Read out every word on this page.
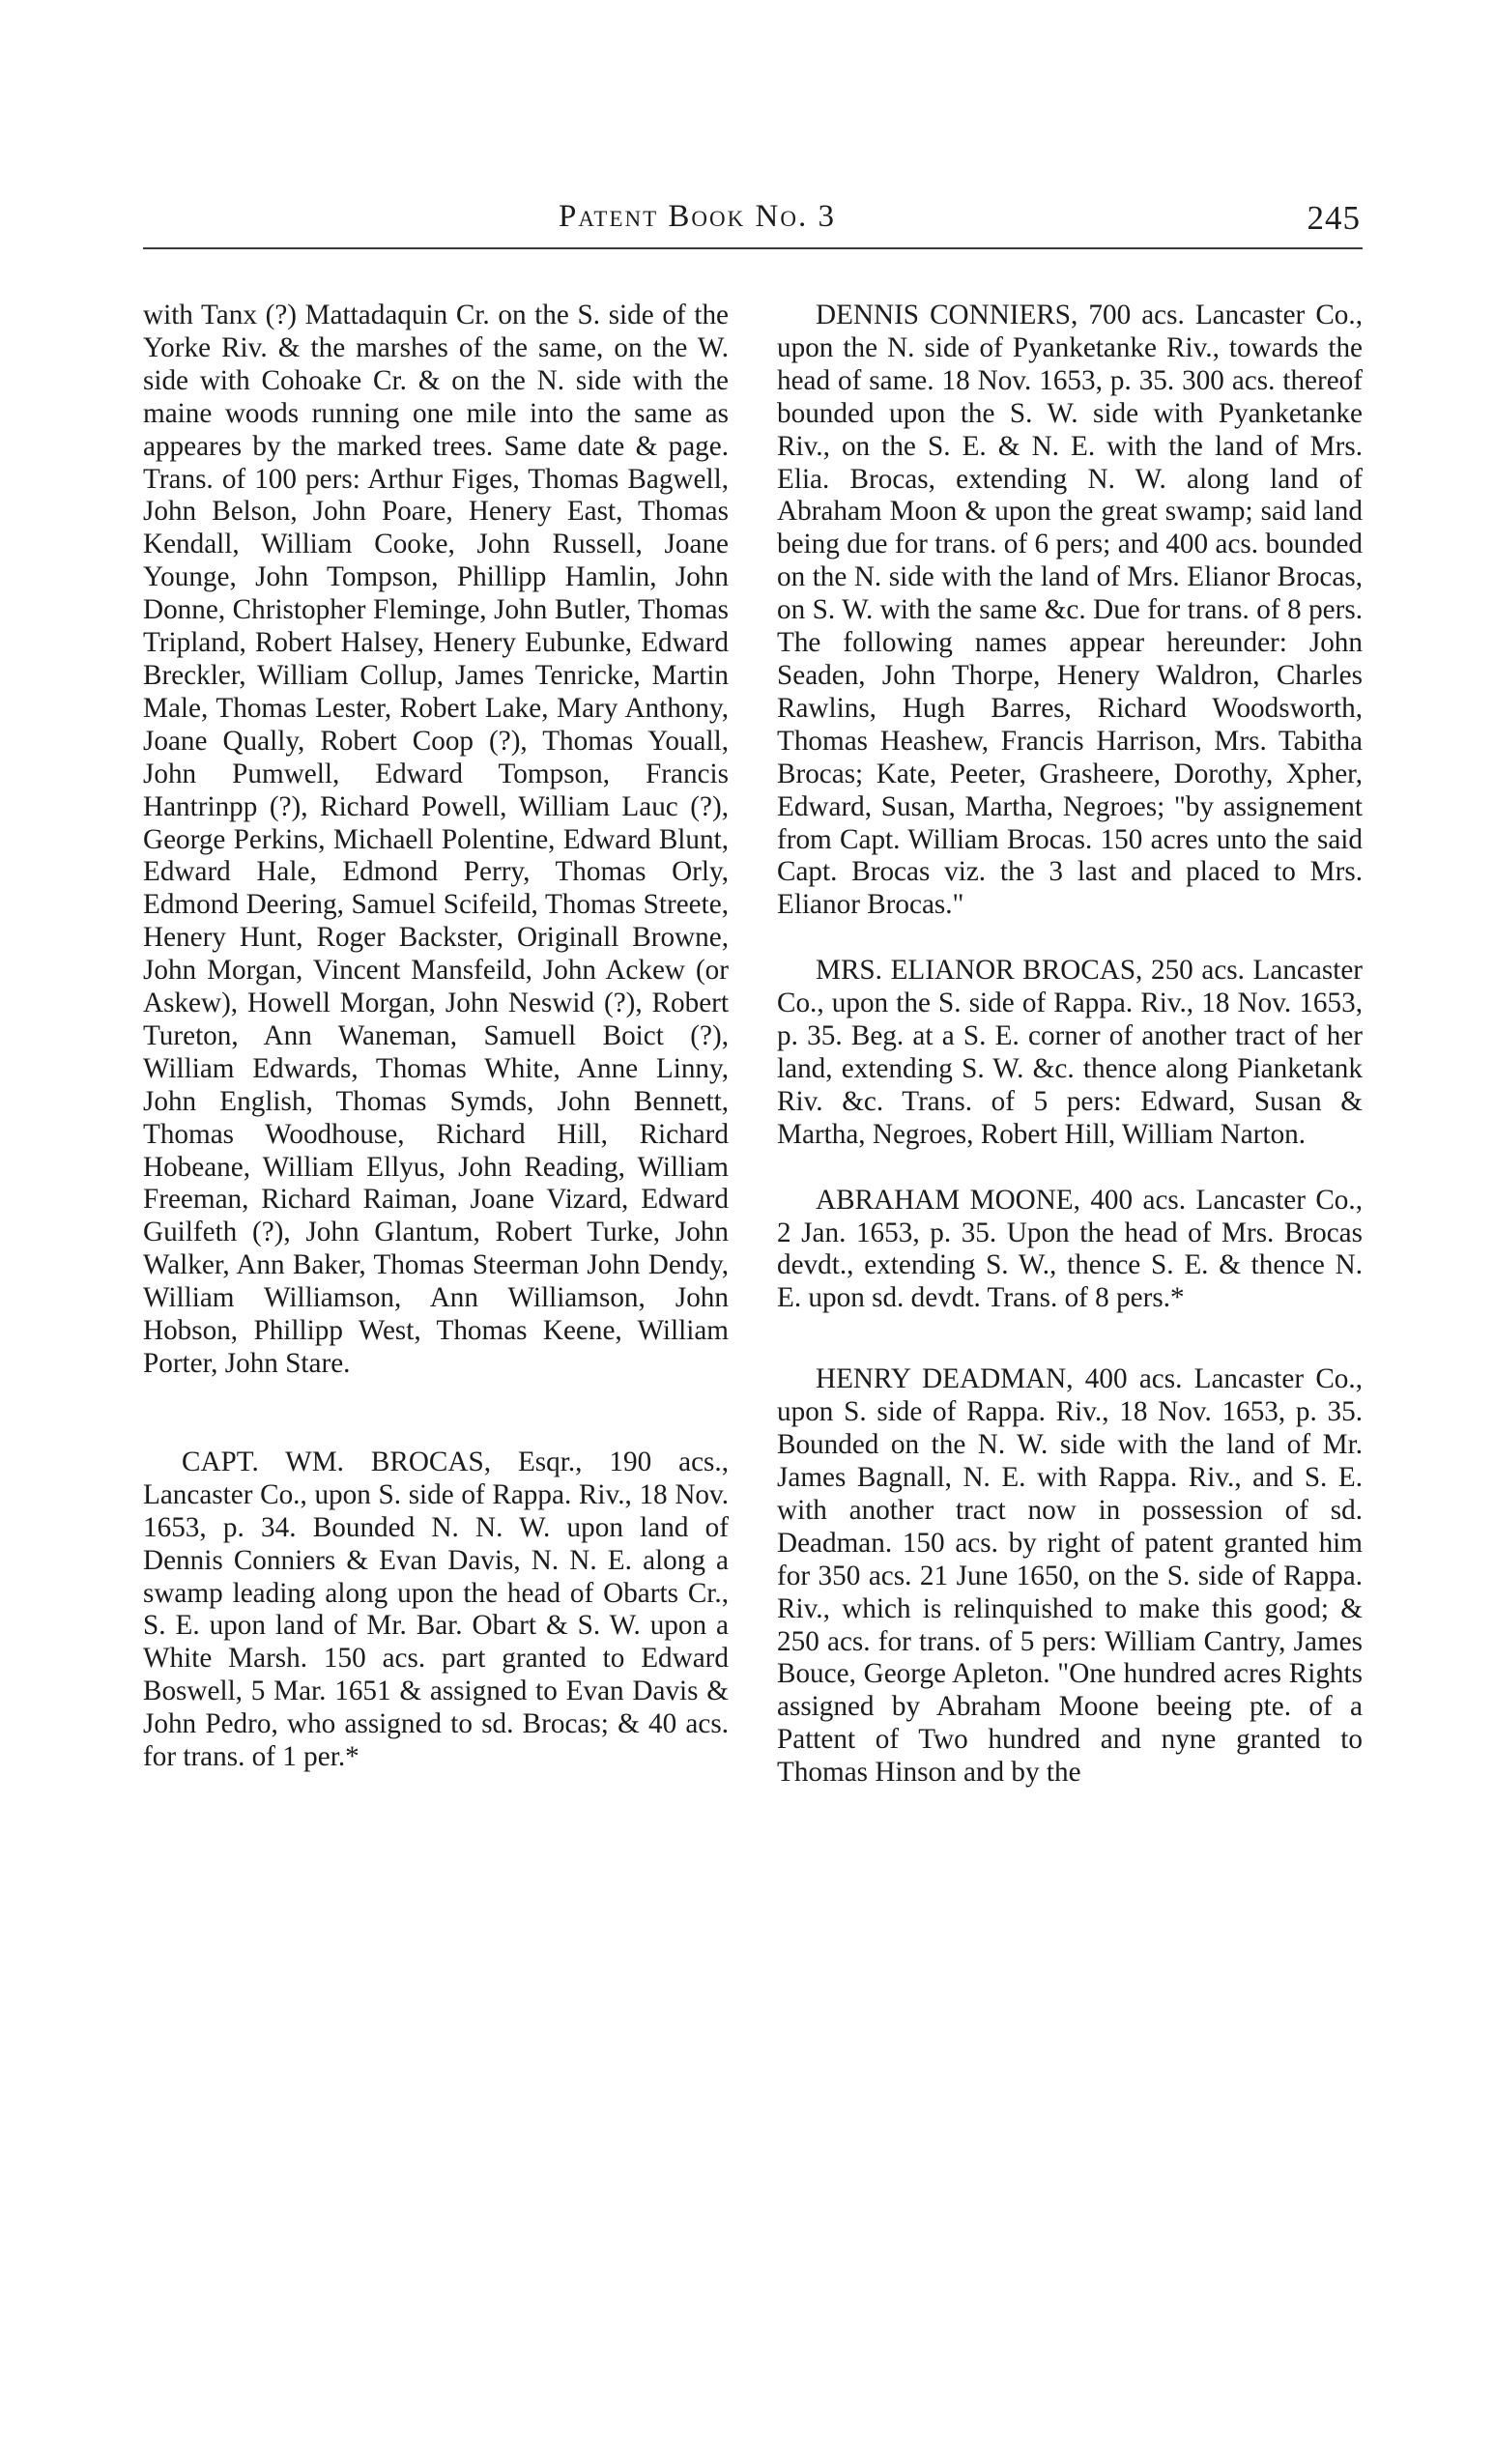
Patent Book No. 3	245

with Tanx (?) Mattadaquin Cr. on the S. side of the Yorke Riv. & the marshes of the same, on the W. side with Cohoake Cr. & on the N. side with the maine woods running one mile into the same as appeares by the marked trees. Same date & page. Trans. of 100 pers: Arthur Figes, Thomas Bagwell, John Belson, John Poare, Henery East, Thomas Kendall, William Cooke, John Russell, Joane Younge, John Tompson, Phillipp Hamlin, John Donne, Christopher Fleminge, John Butler, Thomas Tripland, Robert Halsey, Henery Eubunke, Edward Breckler, William Collup, James Tenricke, Martin Male, Thomas Lester, Robert Lake, Mary Anthony, Joane Qually, Robert Coop (?), Thomas Youall, John Pumwell, Edward Tompson, Francis Hantrinpp (?), Richard Powell, William Lauc (?), George Perkins, Michaell Polentine, Edward Blunt, Edward Hale, Edmond Perry, Thomas Orly, Edmond Deering, Samuel Scifeild, Thomas Streete, Henery Hunt, Roger Backster, Originall Browne, John Morgan, Vincent Mansfeild, John Ackew (or Askew), Howell Morgan, John Neswid (?), Robert Tureton, Ann Waneman, Samuell Boict (?), William Edwards, Thomas White, Anne Linny, John English, Thomas Symds, John Bennett, Thomas Woodhouse, Richard Hill, Richard Hobeane, William Ellyus, John Reading, William Freeman, Richard Raiman, Joane Vizard, Edward Guilfeth (?), John Glantum, Robert Turke, John Walker, Ann Baker, Thomas Steerman John Dendy, William Williamson, Ann Williamson, John Hobson, Phillipp West, Thomas Keene, William Porter, John Stare.

CAPT. WM. BROCAS, Esqr., 190 acs., Lancaster Co., upon S. side of Rappa. Riv., 18 Nov. 1653, p. 34. Bounded N. N. W. upon land of Dennis Conniers & Evan Davis, N. N. E. along a swamp leading along upon the head of Obarts Cr., S. E. upon land of Mr. Bar. Obart & S. W. upon a White Marsh. 150 acs. part granted to Edward Boswell, 5 Mar. 1651 & assigned to Evan Davis & John Pedro, who assigned to sd. Brocas; & 40 acs. for trans. of 1 per.*

DENNIS CONNIERS, 700 acs. Lancaster Co., upon the N. side of Pyanketanke Riv., towards the head of same. 18 Nov. 1653, p. 35. 300 acs. thereof bounded upon the S. W. side with Pyanketanke Riv., on the S. E. & N. E. with the land of Mrs. Elia. Brocas, extending N. W. along land of Abraham Moon & upon the great swamp; said land being due for trans. of 6 pers; and 400 acs. bounded on the N. side with the land of Mrs. Elianor Brocas, on S. W. with the same &c. Due for trans. of 8 pers. The following names appear hereunder: John Seaden, John Thorpe, Henery Waldron, Charles Rawlins, Hugh Barres, Richard Woodsworth, Thomas Heashew, Francis Harrison, Mrs. Tabitha Brocas; Kate, Peeter, Grasheere, Dorothy, Xpher, Edward, Susan, Martha, Negroes; "by assignement from Capt. William Brocas. 150 acres unto the said Capt. Brocas viz. the 3 last and placed to Mrs. Elianor Brocas."

MRS. ELIANOR BROCAS, 250 acs. Lancaster Co., upon the S. side of Rappa. Riv., 18 Nov. 1653, p. 35. Beg. at a S. E. corner of another tract of her land, extending S. W. &c. thence along Pianketank Riv. &c. Trans. of 5 pers: Edward, Susan & Martha, Negroes, Robert Hill, William Narton.

ABRAHAM MOONE, 400 acs. Lancaster Co., 2 Jan. 1653, p. 35. Upon the head of Mrs. Brocas devdt., extending S. W., thence S. E. & thence N. E. upon sd. devdt. Trans. of 8 pers.*

HENRY DEADMAN, 400 acs. Lancaster Co., upon S. side of Rappa. Riv., 18 Nov. 1653, p. 35. Bounded on the N. W. side with the land of Mr. James Bagnall, N. E. with Rappa. Riv., and S. E. with another tract now in possession of sd. Deadman. 150 acs. by right of patent granted him for 350 acs. 21 June 1650, on the S. side of Rappa. Riv., which is relinquished to make this good; & 250 acs. for trans. of 5 pers: William Cantry, James Bouce, George Apleton. "One hundred acres Rights assigned by Abraham Moone beeing pte. of a Pattent of Two hundred and nyne granted to Thomas Hinson and by the
